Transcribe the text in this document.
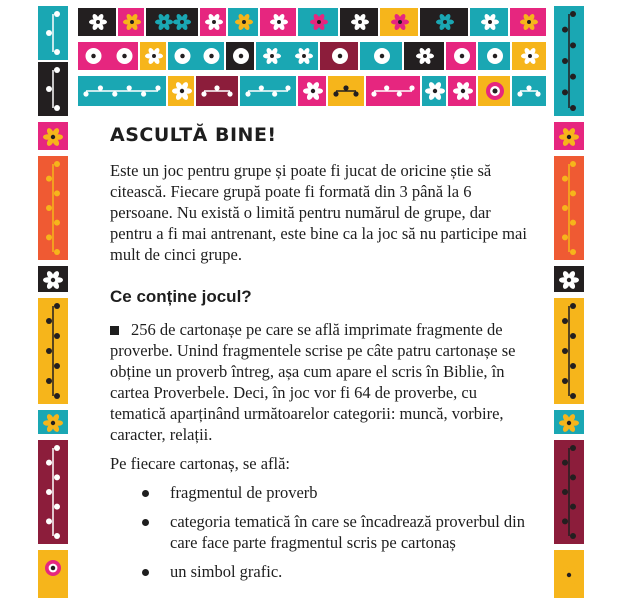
ASCULTĂ BINE!

Este un joc pentru grupe și poate fi jucat de oricine știe să citească. Fiecare grupă poate fi formată din 3 până la 6 persoane. Nu există o limită pentru numărul de grupe, dar pentru a fi mai antrenant, este bine ca la joc să nu participe mai mult de cinci grupe.

Ce conține jocul?

256 de cartonașe pe care se află imprimate fragmente de proverbe. Unind fragmentele scrise pe câte patru cartonașe se obține un proverb întreg, așa cum apare el scris în Biblie, în cartea Proverbele. Deci, în joc vor fi 64 de proverbe, cu tematică aparținând următoarelor categorii: muncă, vorbire, caracter, relații.

Pe fiecare cartonaș, se află:

fragmentul de proverb
categoria tematică în care se încadrează proverbul din care face parte fragmentul scris pe cartonaș
un simbol grafic.
